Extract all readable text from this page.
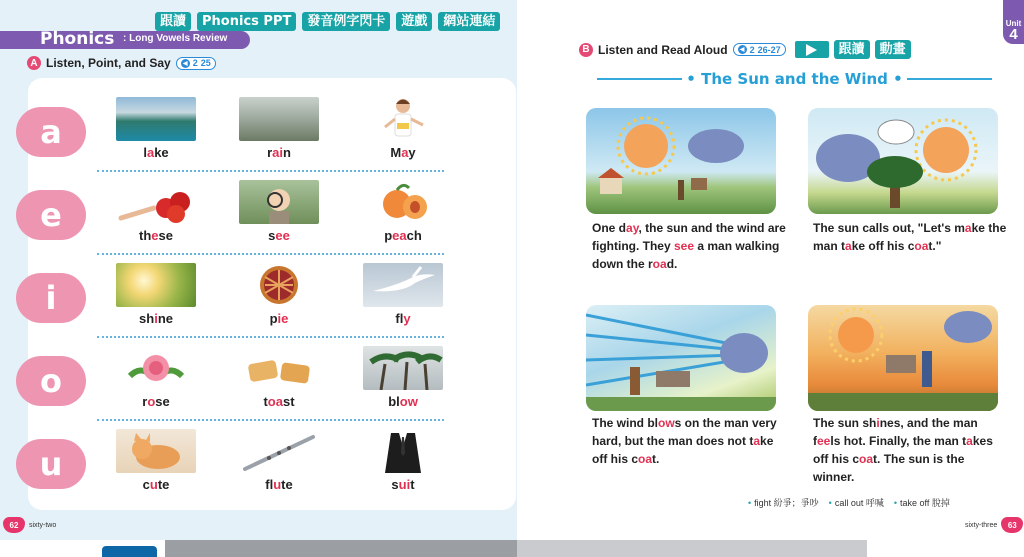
跟讀	Phonics PPT	發音例字閃卡	遊戲	網站連結
Phonics : Long Vowels Review
A Listen, Point, and Say	◀ 2 25
a
e
i
o
u
lake	rain	May
these	see	peach
shine	pie	fly
rose	toast	blow
cute	flute	suit
62	sixty-two
Unit
4
B Listen and Read Aloud	◀ 2 26-27	跟讀	動畫
• The Sun and the Wind •
One day, the sun and the wind are fighting. They see a man walking down the road.
The sun calls out, "Let's make the man take off his coat."
The wind blows on the man very hard, but the man does not take off his coat.
The sun shines, and the man feels hot. Finally, the man takes off his coat. The sun is the winner.
• fight 紛爭；爭吵 • call out 呼喊 • take off 脫掉
sixty-three	63
